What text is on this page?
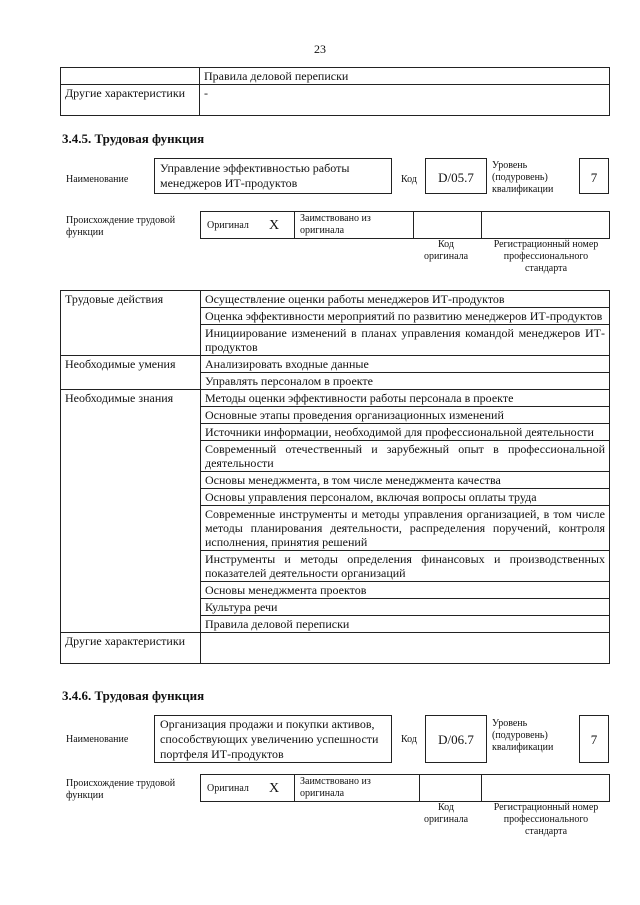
23
	Правила деловой переписки
Другие характеристики	-
3.4.5. Трудовая функция
Наименование
Управление эффективностью работы менеджеров ИТ-продуктов	Код	D/05.7
Уровень (подуровень) квалификации
7
Происхождение трудовой функции
Оригинал X Заимствовано из оригинала
Код оригинала
Регистрационный номер профессионального стандарта
Трудовые действия	Осуществление оценки работы менеджеров ИТ-продуктов
	Оценка эффективности мероприятий по развитию менеджеров ИТ-продуктов
	Инициирование изменений в планах управления командой менеджеров ИТ-продуктов
Необходимые умения	Анализировать входные данные
	Управлять персоналом в проекте
Необходимые знания	Методы оценки эффективности работы персонала в проекте
	Основные этапы проведения организационных изменений
	Источники информации, необходимой для профессиональной деятельности
	Современный отечественный и зарубежный опыт в профессиональной деятельности
	Основы менеджмента, в том числе менеджмента качества
	Основы управления персоналом, включая вопросы оплаты труда
	Современные инструменты и методы управления организацией, в том числе методы планирования деятельности, распределения поручений, контроля исполнения, принятия решений
	Инструменты и методы определения финансовых и производственных показателей деятельности организаций
	Основы менеджмента проектов
	Культура речи
	Правила деловой переписки
Другие характеристики	
3.4.6. Трудовая функция
Наименование
Организация продажи и покупки активов, способствующих увеличению успешности портфеля ИТ-продуктов
Код	D/06.7
Уровень (подуровень) квалификации
7
Происхождение трудовой функции
Оригинал X Заимствовано из оригинала
Код оригинала
Регистрационный номер профессионального стандарта
